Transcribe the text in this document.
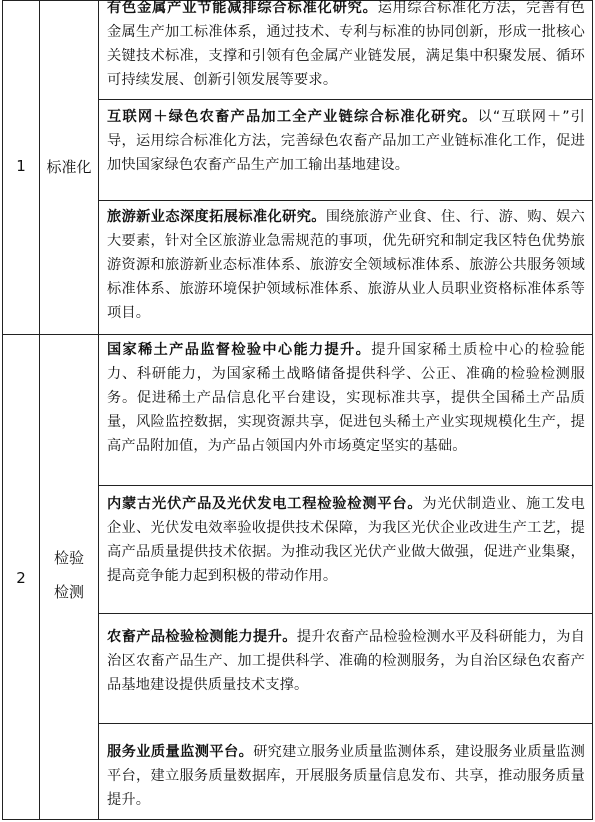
1	标准化
有色金属产业节能减排综合标准化研究。运用综合标准化方法，完善有色金属生产加工标准体系，通过技术、专利与标准的协同创新，形成一批核心关键技术标准，支撑和引领有色金属产业链发展，满足集中积聚发展、循环可持续发展、创新引领发展等要求。
互联网＋绿色农畜产品加工全产业链综合标准化研究。以“互联网＋”引导，运用综合标准化方法，完善绿色农畜产品加工产业链标准化工作，促进加快国家绿色农畜产品生产加工输出基地建设。
旅游新业态深度拓展标准化研究。围绕旅游产业食、住、行、游、购、娱六大要素，针对全区旅游业急需规范的事项，优先研究和制定我区特色优势旅游资源和旅游新业态标准体系、旅游安全领域标准体系、旅游公共服务领域标准体系、旅游环境保护领域标准体系、旅游从业人员职业资格标准体系等项目。
2
检验
检测
国家稀土产品监督检验中心能力提升。提升国家稀土质检中心的检验能力、科研能力，为国家稀土战略储备提供科学、公正、准确的检验检测服务。促进稀土产品信息化平台建设，实现标准共享，提供全国稀土产品质量，风险监控数据，实现资源共享，促进包头稀土产业实现规模化生产，提高产品附加值，为产品占领国内外市场奠定坚实的基础。
内蒙古光伏产品及光伏发电工程检验检测平台。为光伏制造业、施工发电企业、光伏发电效率验收提供技术保障，为我区光伏企业改进生产工艺，提高产品质量提供技术依据。为推动我区光伏产业做大做强，促进产业集聚，提高竞争能力起到积极的带动作用。
农畜产品检验检测能力提升。提升农畜产品检验检测水平及科研能力，为自治区农畜产品生产、加工提供科学、准确的检测服务，为自治区绿色农畜产品基地建设提供质量技术支撑。
服务业质量监测平台。研究建立服务业质量监测体系，建设服务业质量监测平台，建立服务质量数据库，开展服务质量信息发布、共享，推动服务质量提升。
